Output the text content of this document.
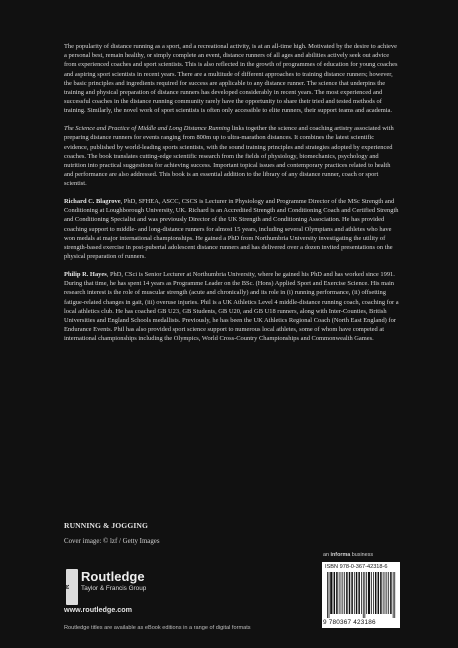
The popularity of distance running as a sport, and a recreational activity, is at an all-time high. Motivated by the desire to achieve a personal best, remain healthy, or simply complete an event, distance runners of all ages and abilities actively seek out advice from experienced coaches and sport scientists. This is also reflected in the growth of programmes of education for young coaches and aspiring sport scientists in recent years. There are a multitude of different approaches to training distance runners; however, the basic principles and ingredients required for success are applicable to any distance runner. The science that underpins the training and physical preparation of distance runners has developed considerably in recent years. The most experienced and successful coaches in the distance running community rarely have the opportunity to share their tried and tested methods of training. Similarly, the novel work of sport scientists is often only accessible to elite runners, their support teams and academia.

The Science and Practice of Middle and Long Distance Running links together the science and coaching artistry associated with preparing distance runners for events ranging from 800m up to ultra-marathon distances. It combines the latest scientific evidence, published by world-leading sports scientists, with the sound training principles and strategies adopted by experienced coaches. The book translates cutting-edge scientific research from the fields of physiology, biomechanics, psychology and nutrition into practical suggestions for achieving success. Important topical issues and contemporary practices related to health and performance are also addressed. This book is an essential addition to the library of any distance runner, coach or sport scientist.

Richard C. Blagrove, PhD, SFHEA, ASCC, CSCS is Lecturer in Physiology and Programme Director of the MSc Strength and Conditioning at Loughborough University, UK. Richard is an Accredited Strength and Conditioning Coach and Certified Strength and Conditioning Specialist and was previously Director of the UK Strength and Conditioning Association. He has provided coaching support to middle- and long-distance runners for almost 15 years, including several Olympians and athletes who have won medals at major international championships. He gained a PhD from Northumbria University investigating the utility of strength-based exercise in post-pubertal adolescent distance runners and has delivered over a dozen invited presentations on the physical preparation of runners.

Philip R. Hayes, PhD, CSci is Senior Lecturer at Northumbria University, where he gained his PhD and has worked since 1991. During that time, he has spent 14 years as Programme Leader on the BSc. (Hons) Applied Sport and Exercise Science. His main research interest is the role of muscular strength (acute and chronically) and its role in (i) running performance, (ii) offsetting fatigue-related changes in gait, (iii) overuse injuries. Phil is a UK Athletics Level 4 middle-distance running coach, coaching for a local athletics club. He has coached GB U23, GB Students, GB U20, and GB U18 runners, along with Inter-Counties, British Universities and England Schools medallists. Previously, he has been the UK Athletics Regional Coach (North East England) for Endurance Events. Phil has also provided sport science support to numerous local athletes, some of whom have competed at international championships including the Olympics, World Cross-Country Championships and Commonwealth Games.

RUNNING & JOGGING
Cover image: © lzf / Getty Images
R
Routledge
Taylor & Francis Group
www.routledge.com
Routledge titles are available as eBook editions in a range of digital formats
an informa business
ISBN 978-0-367-42318-6
9 780367 423186
